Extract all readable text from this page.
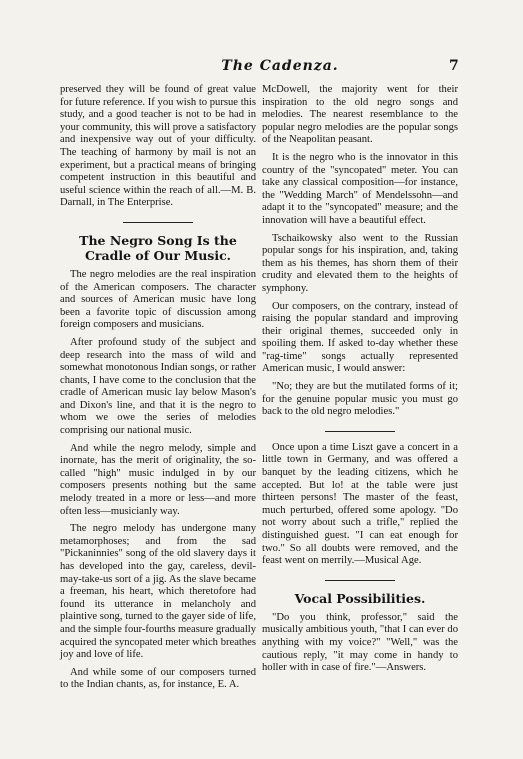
The Cadenza.	7

preserved they will be found of great value for future reference. If you wish to pursue this study, and a good teacher is not to be had in your community, this will prove a satisfactory and inexpensive way out of your difficulty. The teaching of harmony by mail is not an experiment, but a practical means of bringing competent instruction in this beautiful and useful science within the reach of all.—M. B. Darnall, in The Enterprise.

The Negro Song Is the Cradle of Our Music.

The negro melodies are the real inspiration of the American composers. The character and sources of American music have long been a favorite topic of discussion among foreign composers and musicians.

After profound study of the subject and deep research into the mass of wild and somewhat monotonous Indian songs, or rather chants, I have come to the conclusion that the cradle of American music lay below Mason's and Dixon's line, and that it is the negro to whom we owe the series of melodies comprising our national music.

And while the negro melody, simple and inornate, has the merit of originality, the so-called "high" music indulged in by our composers presents nothing but the same melody treated in a more or less—and more often less—musicianly way.

The negro melody has undergone many metamorphoses; and from the sad "Pickaninnies" song of the old slavery days it has developed into the gay, careless, devil-may-take-us sort of a jig. As the slave became a freeman, his heart, which theretofore had found its utterance in melancholy and plaintive song, turned to the gayer side of life, and the simple four-fourths measure gradually acquired the syncopated meter which breathes joy and love of life.

And while some of our composers turned to the Indian chants, as, for instance, E. A.

McDowell, the majority went for their inspiration to the old negro songs and melodies. The nearest resemblance to the popular negro melodies are the popular songs of the Neapolitan peasant.

It is the negro who is the innovator in this country of the "syncopated" meter. You can take any classical composition—for instance, the "Wedding March" of Mendelssohn—and adapt it to the "syncopated" measure; and the innovation will have a beautiful effect.

Tschaikowsky also went to the Russian popular songs for his inspiration, and, taking them as his themes, has shorn them of their crudity and elevated them to the heights of symphony.

Our composers, on the contrary, instead of raising the popular standard and improving their original themes, succeeded only in spoiling them. If asked to-day whether these "rag-time" songs actually represented American music, I would answer:

"No; they are but the mutilated forms of it; for the genuine popular music you must go back to the old negro melodies."

Once upon a time Liszt gave a concert in a little town in Germany, and was offered a banquet by the leading citizens, which he accepted. But lo! at the table were just thirteen persons! The master of the feast, much perturbed, offered some apology. "Do not worry about such a trifle," replied the distinguished guest. "I can eat enough for two." So all doubts were removed, and the feast went on merrily.—Musical Age.

Vocal Possibilities.

"Do you think, professor," said the musically ambitious youth, "that I can ever do anything with my voice?" "Well," was the cautious reply, "it may come in handy to holler with in case of fire."—Answers.
